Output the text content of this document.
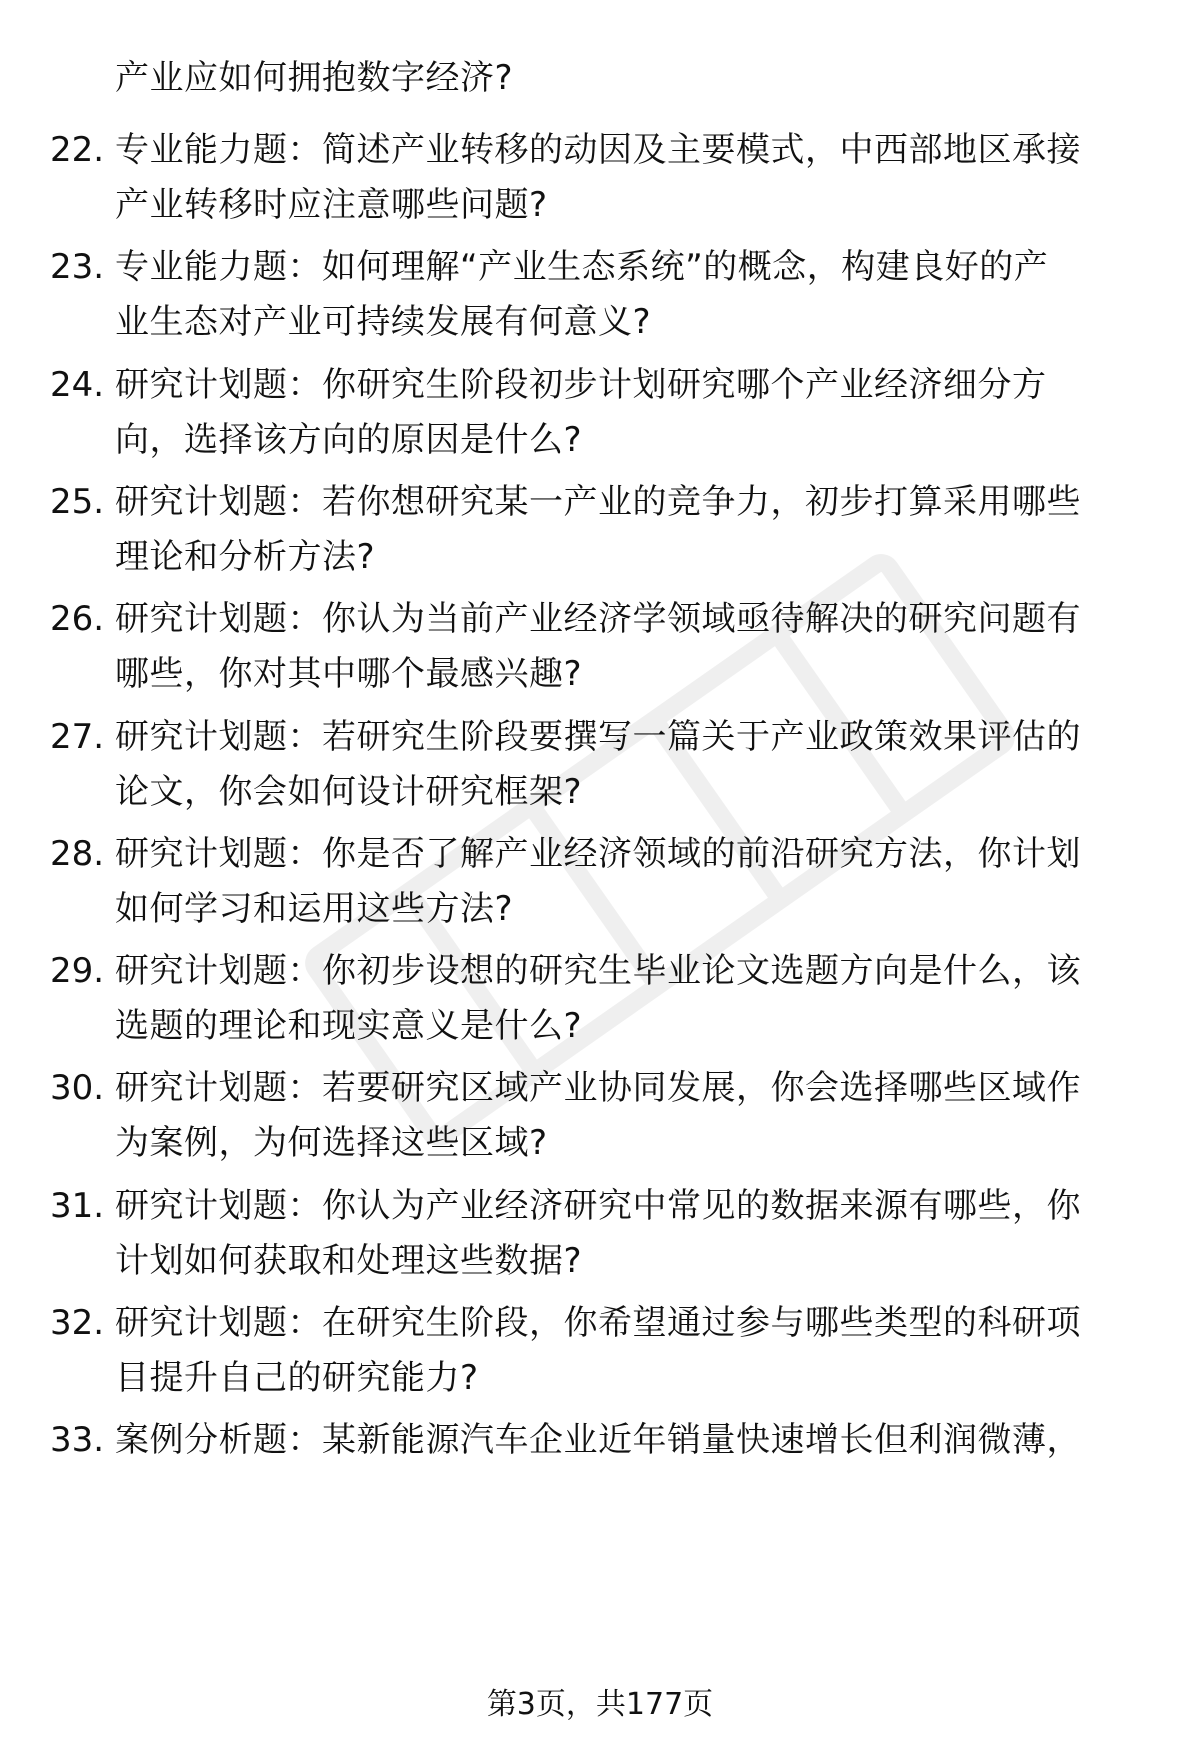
产业应如何拥抱数字经济?
22. 专业能力题：简述产业转移的动因及主要模式，中西部地区承接
产业转移时应注意哪些问题?
23. 专业能力题：如何理解“产业生态系统”的概念，构建良好的产
业生态对产业可持续发展有何意义?
24. 研究计划题：你研究生阶段初步计划研究哪个产业经济细分方
向，选择该方向的原因是什么?
25. 研究计划题：若你想研究某一产业的竞争力，初步打算采用哪些
理论和分析方法?
26. 研究计划题：你认为当前产业经济学领域亟待解决的研究问题有
哪些，你对其中哪个最感兴趣?
27. 研究计划题：若研究生阶段要撰写一篇关于产业政策效果评估的
论文，你会如何设计研究框架?
28. 研究计划题：你是否了解产业经济领域的前沿研究方法，你计划
如何学习和运用这些方法?
29. 研究计划题：你初步设想的研究生毕业论文选题方向是什么，该
选题的理论和现实意义是什么?
30. 研究计划题：若要研究区域产业协同发展，你会选择哪些区域作
为案例，为何选择这些区域?
31. 研究计划题：你认为产业经济研究中常见的数据来源有哪些，你
计划如何获取和处理这些数据?
32. 研究计划题：在研究生阶段，你希望通过参与哪些类型的科研项
目提升自己的研究能力?
33. 案例分析题：某新能源汽车企业近年销量快速增长但利润微薄，
第3页，共177页
